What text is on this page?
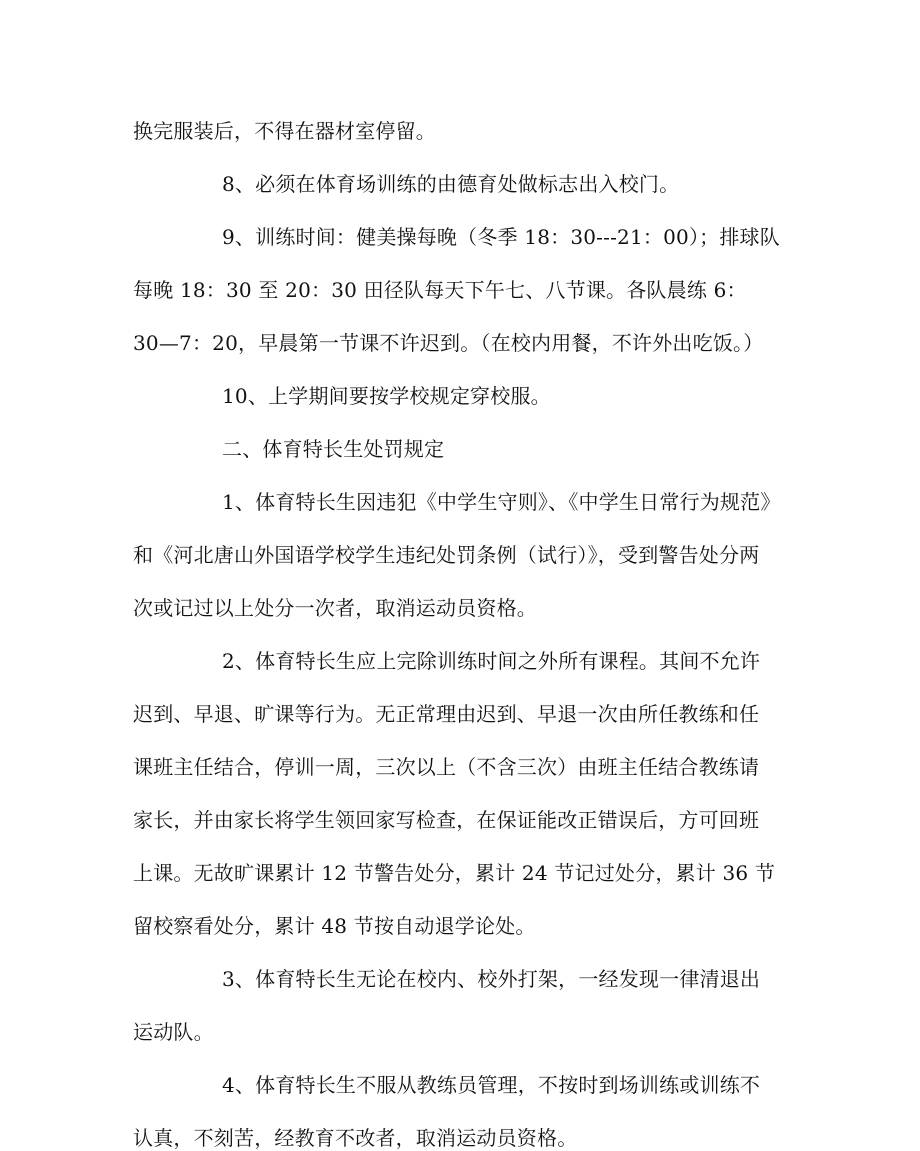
换完服装后，不得在器材室停留。
8、必须在体育场训练的由德育处做标志出入校门。
9、训练时间：健美操每晚（冬季 18：30---21：00）；排球队
每晚 18：30 至 20：30 田径队每天下午七、八节课。各队晨练 6：
30—7：20，早晨第一节课不许迟到。（在校内用餐，不许外出吃饭。）
10、上学期间要按学校规定穿校服。
二、体育特长生处罚规定
1、体育特长生因违犯《中学生守则》、《中学生日常行为规范》
和《河北唐山外国语学校学生违纪处罚条例（试行）》，受到警告处分两
次或记过以上处分一次者，取消运动员资格。
2、体育特长生应上完除训练时间之外所有课程。其间不允许
迟到、早退、旷课等行为。无正常理由迟到、早退一次由所任教练和任
课班主任结合，停训一周，三次以上（不含三次）由班主任结合教练请
家长，并由家长将学生领回家写检查，在保证能改正错误后，方可回班
上课。无故旷课累计 12 节警告处分，累计 24 节记过处分，累计 36 节
留校察看处分，累计 48 节按自动退学论处。
3、体育特长生无论在校内、校外打架，一经发现一律清退出
运动队。
4、体育特长生不服从教练员管理，不按时到场训练或训练不
认真，不刻苦，经教育不改者，取消运动员资格。
